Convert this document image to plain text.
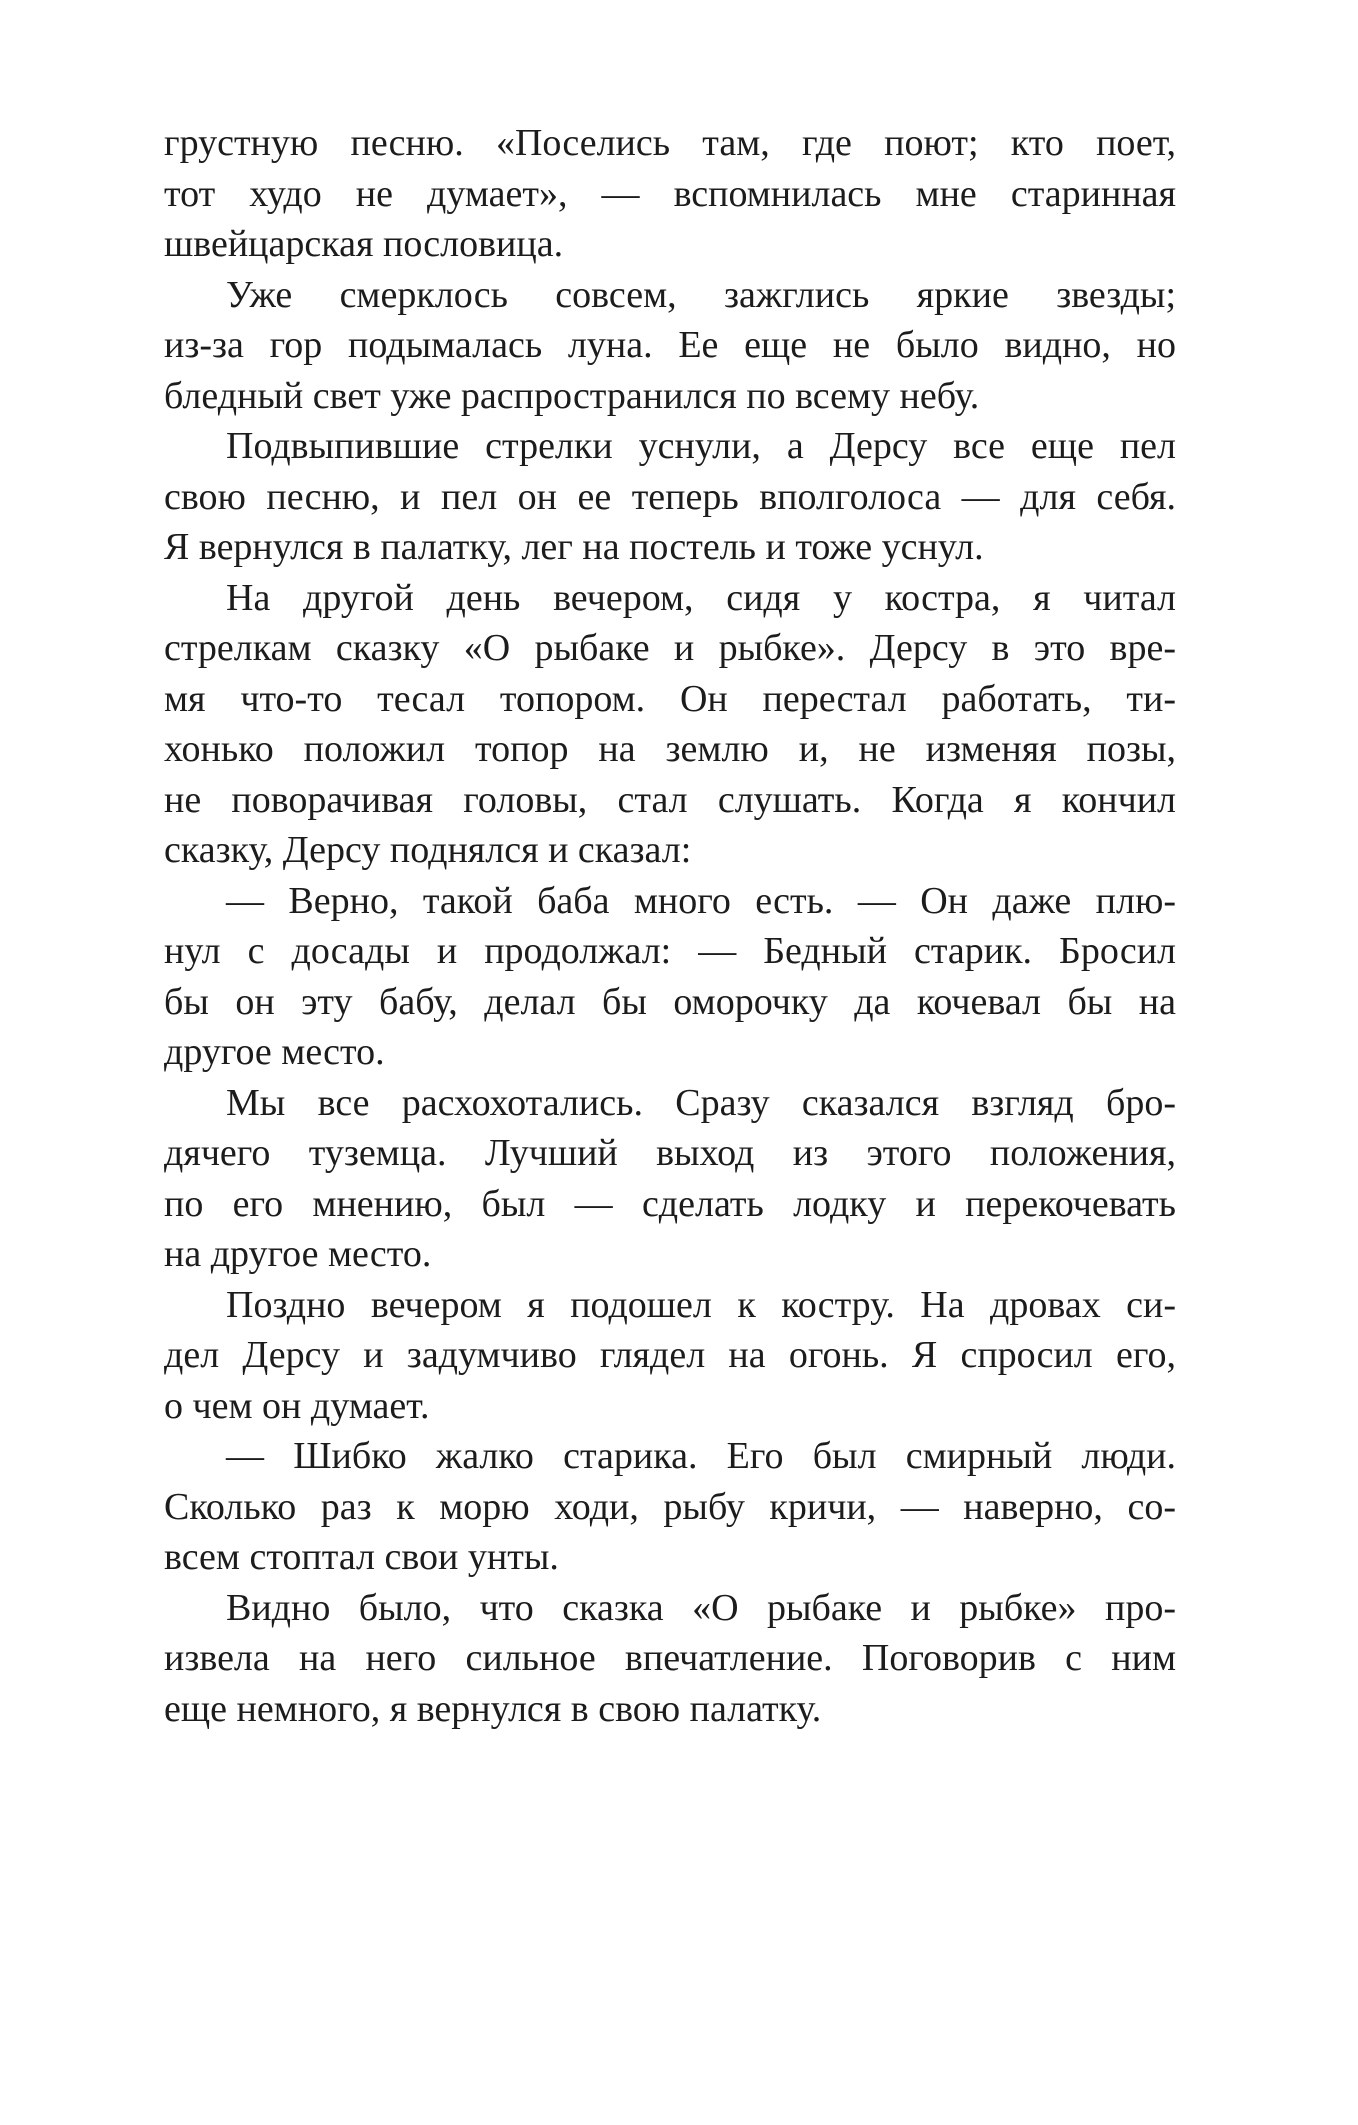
грустную песню. «Поселись там, где поют; кто поет,
тот худо не думает», — вспомнилась мне старинная
швейцарская пословица.

Уже смерклось совсем, зажглись яркие звезды;
из-за гор подымалась луна. Ее еще не было видно, но
бледный свет уже распространился по всему небу.

Подвыпившие стрелки уснули, а Дерсу все еще пел
свою песню, и пел он ее теперь вполголоса — для себя.
Я вернулся в палатку, лег на постель и тоже уснул.

На другой день вечером, сидя у костра, я читал
стрелкам сказку «О рыбаке и рыбке». Дерсу в это вре-
мя что-то тесал топором. Он перестал работать, ти-
хонько положил топор на землю и, не изменяя позы,
не поворачивая головы, стал слушать. Когда я кончил
сказку, Дерсу поднялся и сказал:

— Верно, такой баба много есть. — Он даже плю-
нул с досады и продолжал: — Бедный старик. Бросил
бы он эту бабу, делал бы оморочку да кочевал бы на
другое место.

Мы все расхохотались. Сразу сказался взгляд бро-
дячего туземца. Лучший выход из этого положения,
по его мнению, был — сделать лодку и перекочевать
на другое место.

Поздно вечером я подошел к костру. На дровах си-
дел Дерсу и задумчиво глядел на огонь. Я спросил его,
о чем он думает.

— Шибко жалко старика. Его был смирный люди.
Сколько раз к морю ходи, рыбу кричи, — наверно, со-
всем стоптал свои унты.

Видно было, что сказка «О рыбаке и рыбке» про-
извела на него сильное впечатление. Поговорив с ним
еще немного, я вернулся в свою палатку.
